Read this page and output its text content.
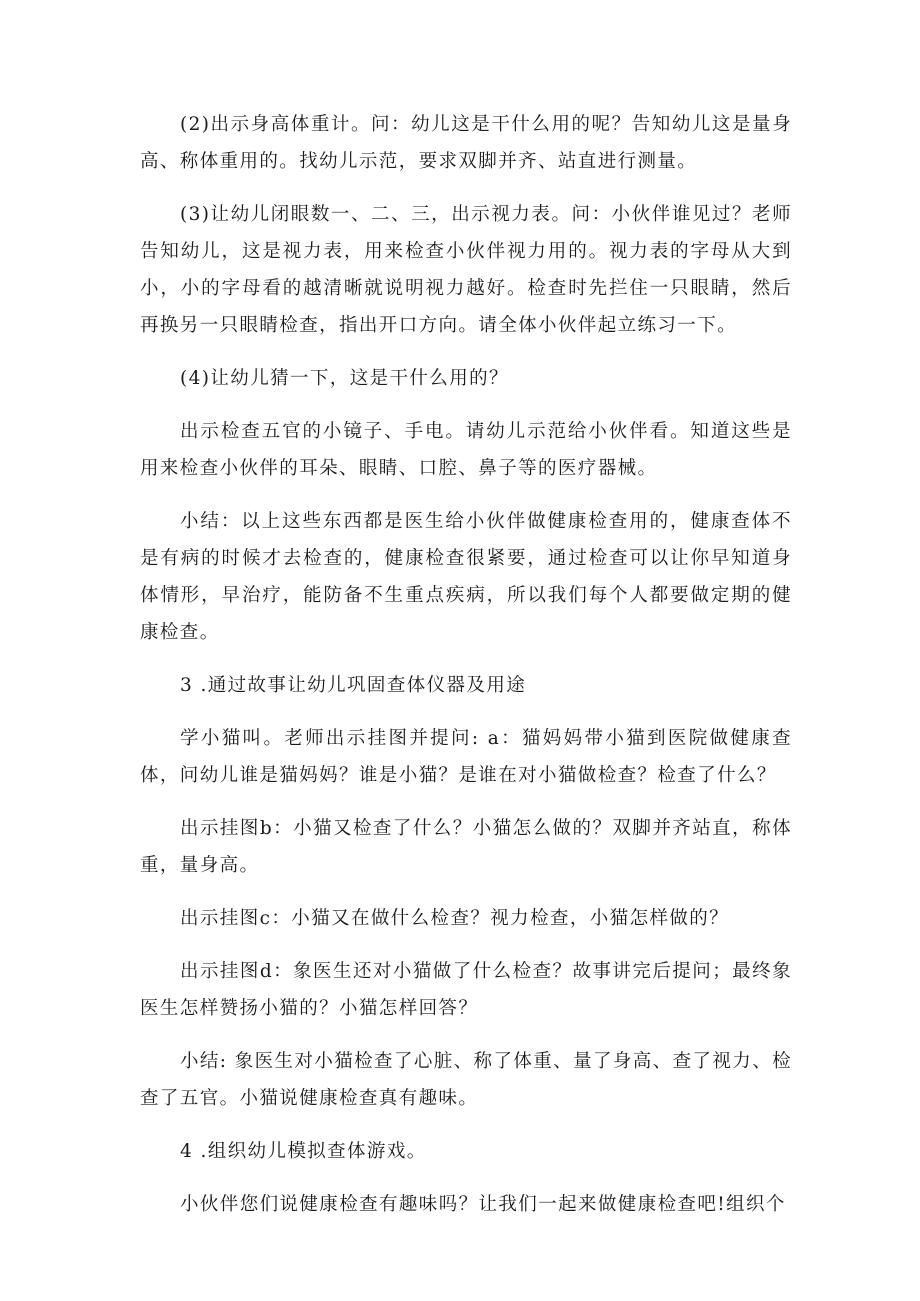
(2)出示身高体重计。问：幼儿这是干什么用的呢？告知幼儿这是量身高、称体重用的。找幼儿示范，要求双脚并齐、站直进行测量。

(3)让幼儿闭眼数一、二、三，出示视力表。问：小伙伴谁见过？老师告知幼儿，这是视力表，用来检查小伙伴视力用的。视力表的字母从大到小，小的字母看的越清晰就说明视力越好。检查时先拦住一只眼睛，然后再换另一只眼睛检查，指出开口方向。请全体小伙伴起立练习一下。

(4)让幼儿猜一下，这是干什么用的？

出示检查五官的小镜子、手电。请幼儿示范给小伙伴看。知道这些是用来检查小伙伴的耳朵、眼睛、口腔、鼻子等的医疗器械。

小结：以上这些东西都是医生给小伙伴做健康检查用的，健康查体不是有病的时候才去检查的，健康检查很紧要，通过检查可以让你早知道身体情形，早治疗，能防备不生重点疾病，所以我们每个人都要做定期的健康检查。

3 .通过故事让幼儿巩固查体仪器及用途

学小猫叫。老师出示挂图并提问: a：猫妈妈带小猫到医院做健康查体，问幼儿谁是猫妈妈？谁是小猫？是谁在对小猫做检查？检查了什么？

出示挂图b：小猫又检查了什么？小猫怎么做的？双脚并齐站直，称体重，量身高。

出示挂图c：小猫又在做什么检查？视力检查，小猫怎样做的？

出示挂图d：象医生还对小猫做了什么检查？故事讲完后提问；最终象医生怎样赞扬小猫的？小猫怎样回答？

小结: 象医生对小猫检查了心脏、称了体重、量了身高、查了视力、检查了五官。小猫说健康检查真有趣味。

4 .组织幼儿模拟查体游戏。

小伙伴您们说健康检查有趣味吗？让我们一起来做健康检查吧!组织个
